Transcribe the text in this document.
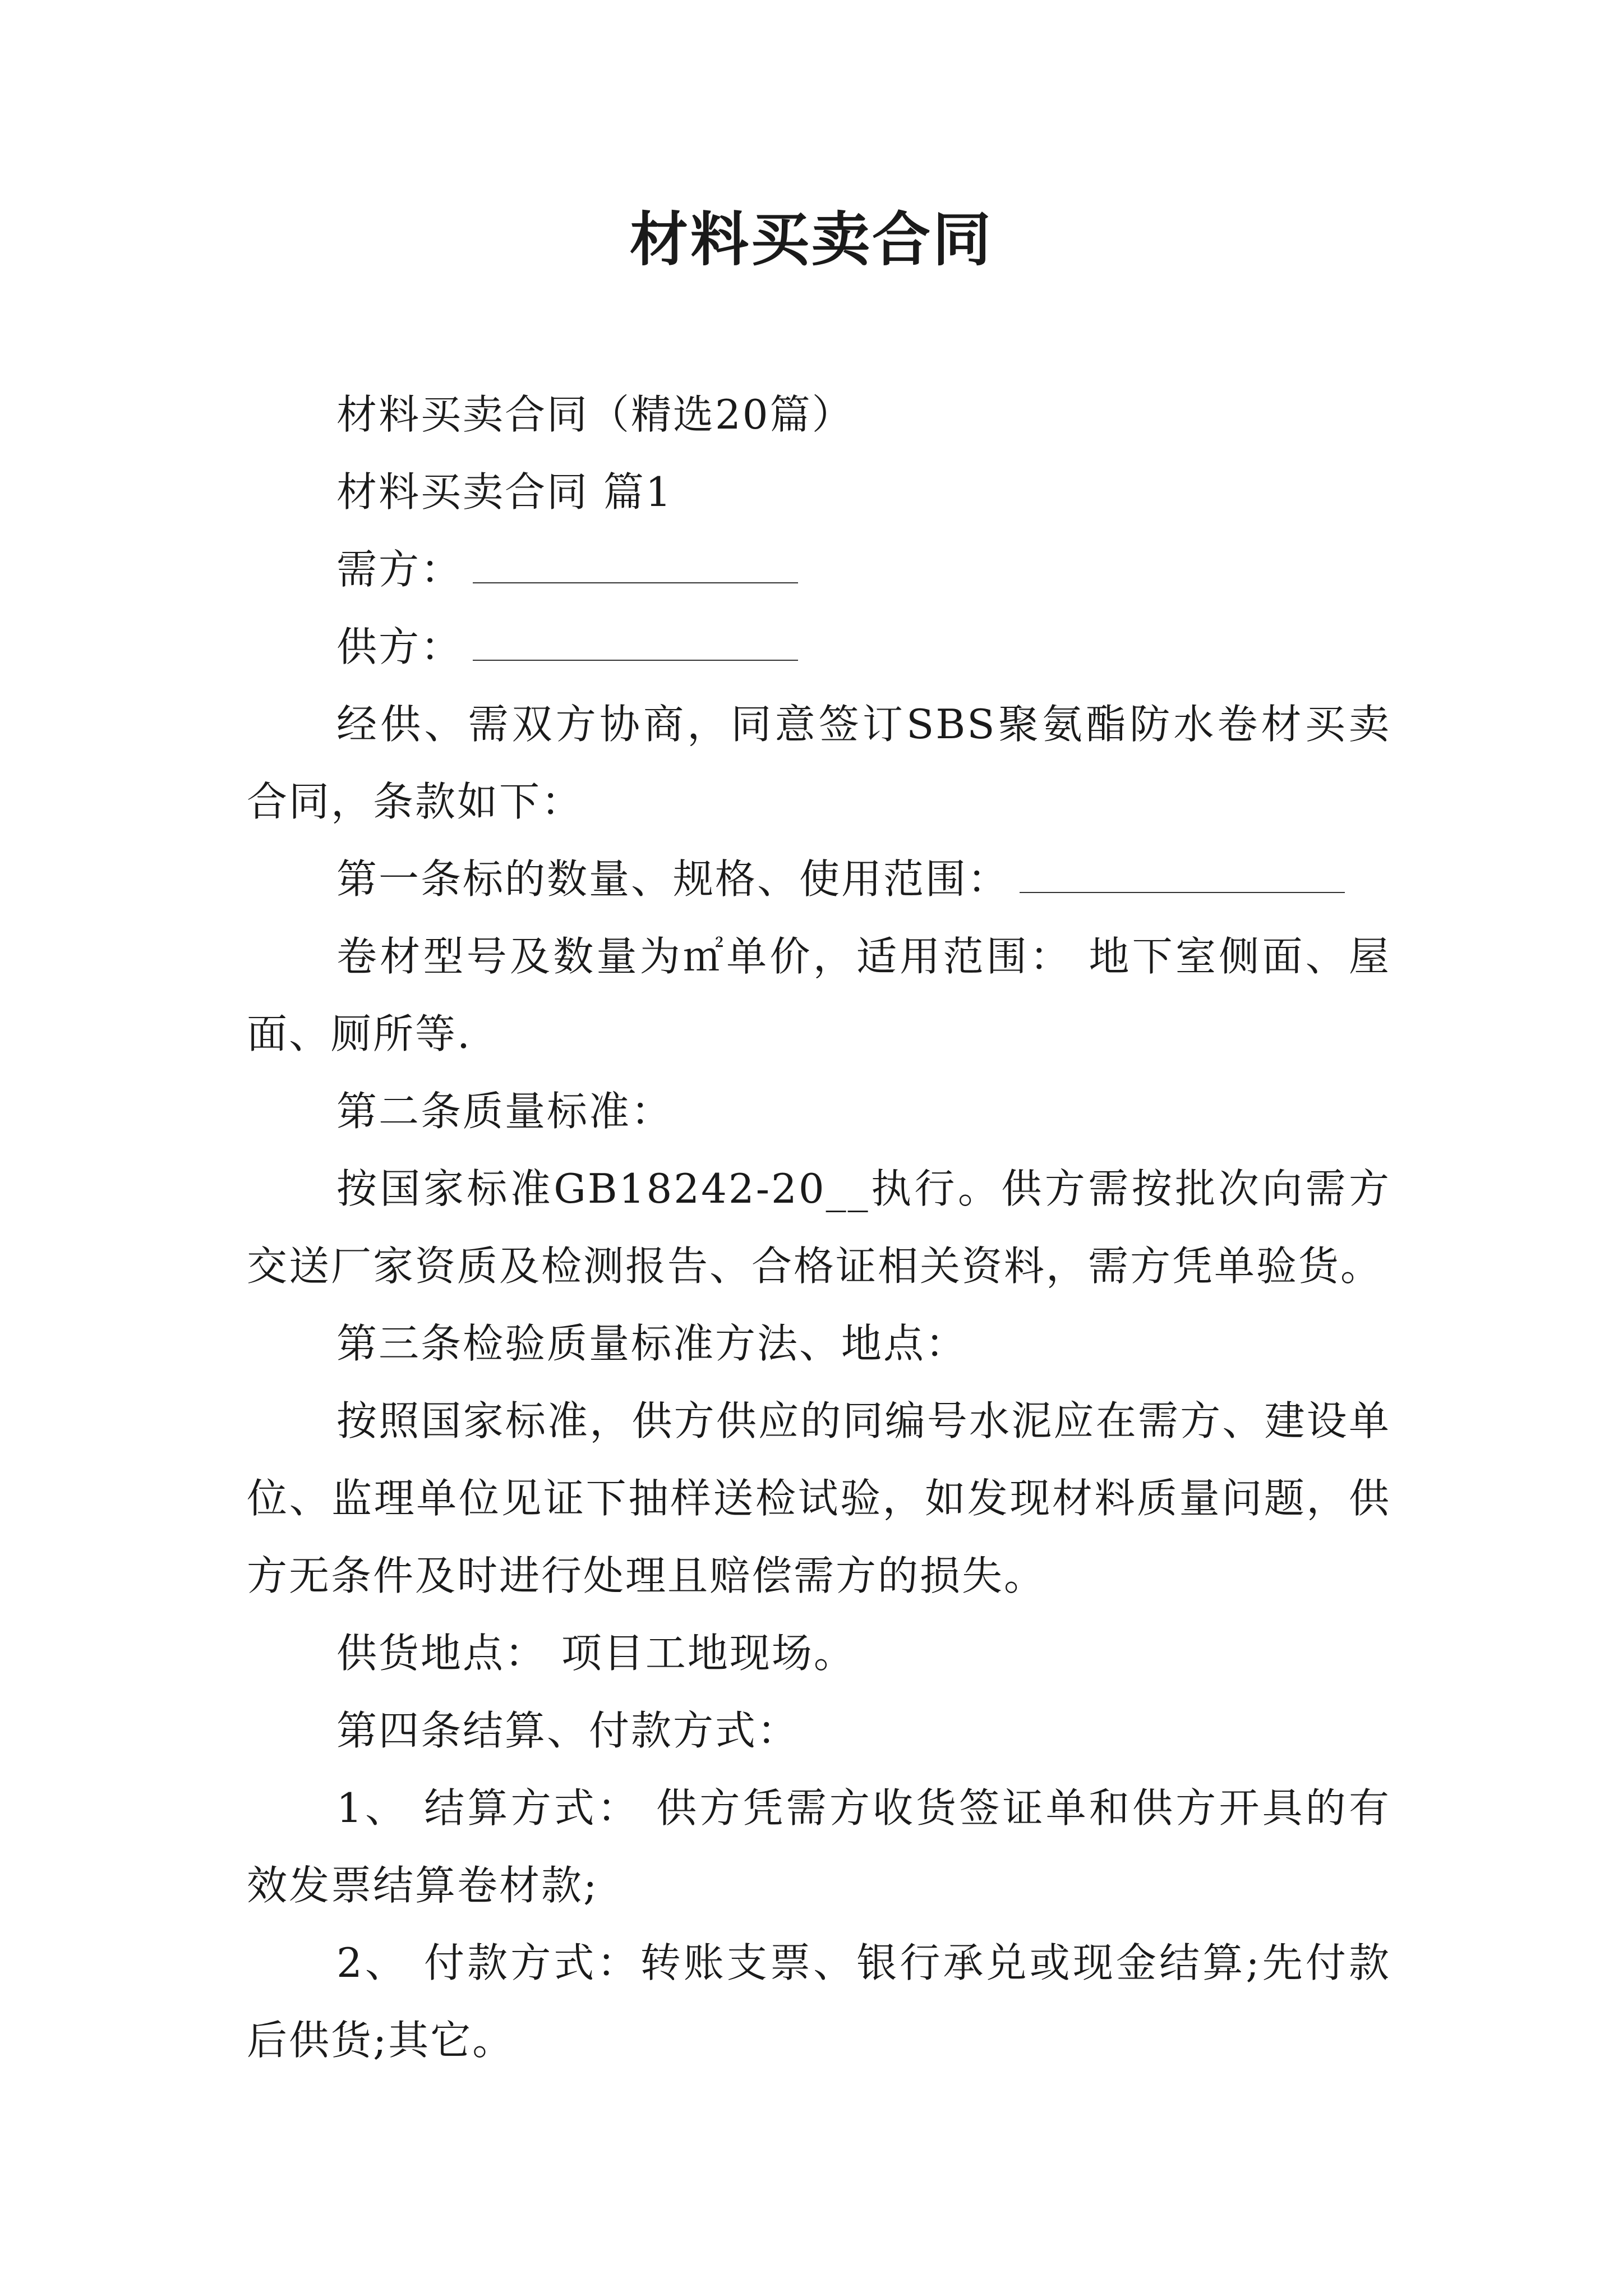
材料买卖合同

材料买卖合同（精选20篇）

材料买卖合同 篇1

需方：

供方：

经供、需双方协商，同意签订SBS聚氨酯防水卷材买卖合同，条款如下：

第一条标的数量、规格、使用范围：

卷材型号及数量为㎡单价，适用范围： 地下室侧面、屋面、厕所等.

第二条质量标准：

按国家标准GB18242-20__执行。供方需按批次向需方交送厂家资质及检测报告、合格证相关资料，需方凭单验货。

第三条检验质量标准方法、地点：

按照国家标准，供方供应的同编号水泥应在需方、建设单位、监理单位见证下抽样送检试验，如发现材料质量问题，供方无条件及时进行处理且赔偿需方的损失。

供货地点： 项目工地现场。

第四条结算、付款方式：

1、 结算方式： 供方凭需方收货签证单和供方开具的有效发票结算卷材款;

2、 付款方式：转账支票、银行承兑或现金结算;先付款后供货;其它。
